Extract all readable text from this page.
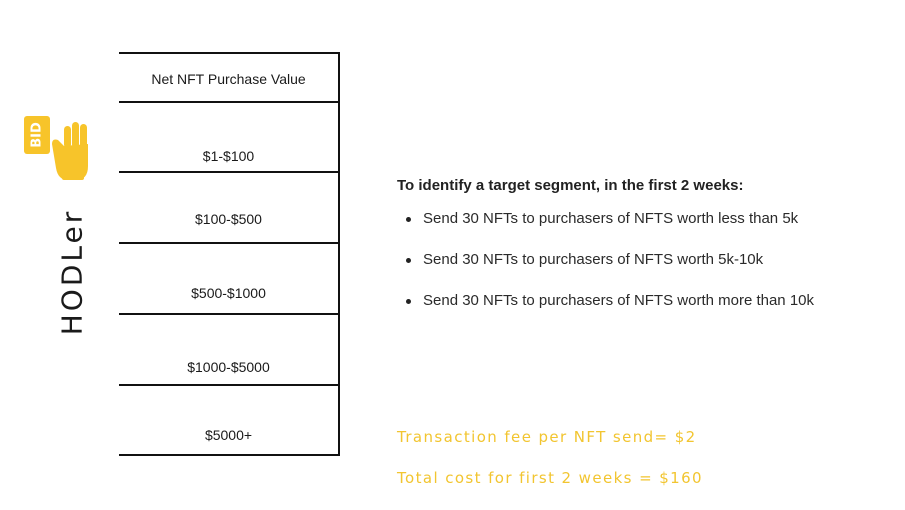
BID
HODLer
Net NFT Purchase Value
$1-$100
$100-$500
$500-$1000
$1000-$5000
$5000+
To identify a target segment, in the first 2 weeks:
Send 30 NFTs to purchasers of NFTS worth less than 5k
Send 30 NFTs to purchasers of NFTS worth 5k-10k
Send 30 NFTs to purchasers of NFTS worth more than 10k
Transaction fee per NFT send= $2
Total cost for first 2 weeks = $160
